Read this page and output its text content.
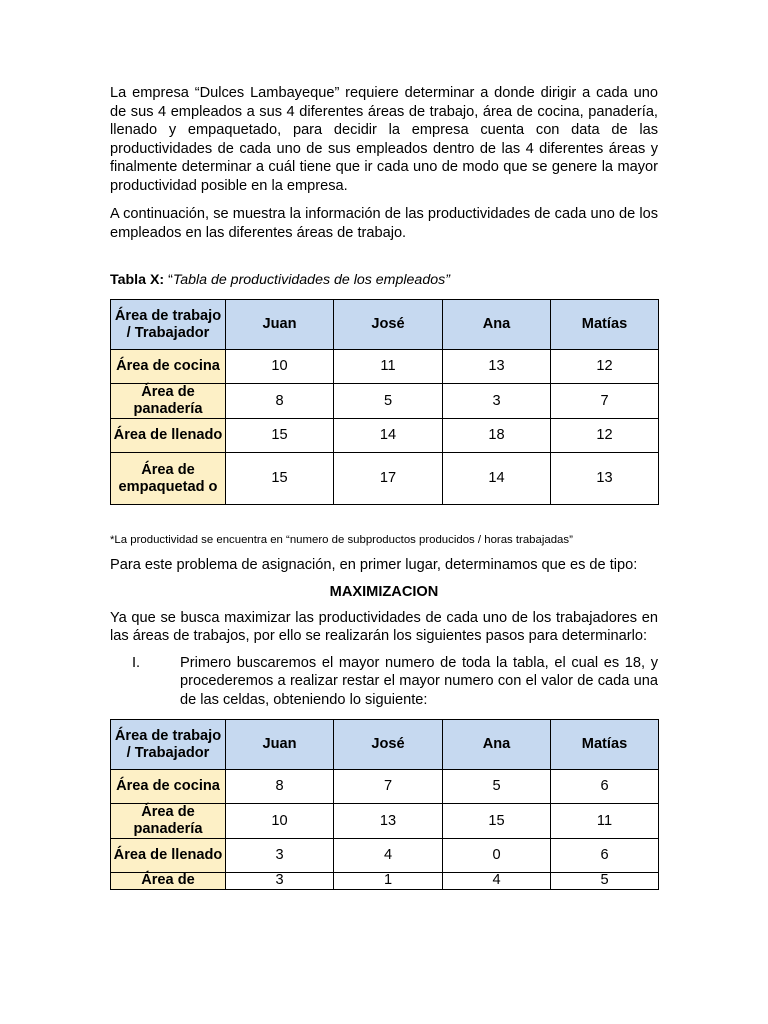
La empresa “Dulces Lambayeque” requiere determinar a donde dirigir a cada uno de sus 4 empleados a sus 4 diferentes áreas de trabajo, área de cocina, panadería, llenado y empaquetado, para decidir la empresa cuenta con data de las productividades de cada uno de sus empleados dentro de las 4 diferentes áreas y finalmente determinar a cuál tiene que ir cada uno de modo que se genere la mayor productividad posible en la empresa.

A continuación, se muestra la información de las productividades de cada uno de los empleados en las diferentes áreas de trabajo.

Tabla X: “Tabla de productividades de los empleados”
Área de trabajo / Trabajador	Juan	José	Ana	Matías
Área de cocina	10	11	13	12
Área de panadería	8	5	3	7
Área de llenado	15	14	18	12
Área de empaquetad o	15	17	14	13
*La productividad se encuentra en “numero de subproductos producidos / horas trabajadas”

Para este problema de asignación, en primer lugar, determinamos que es de tipo:

MAXIMIZACION

Ya que se busca maximizar las productividades de cada uno de los trabajadores en las áreas de trabajos, por ello se realizarán los siguientes pasos para determinarlo:

I.	Primero buscaremos el mayor numero de toda la tabla, el cual es 18, y procederemos a realizar restar el mayor numero con el valor de cada una de las celdas, obteniendo lo siguiente:

Área de trabajo / Trabajador	Juan	José	Ana	Matías
Área de cocina	8	7	5	6
Área de panadería	10	13	15	11
Área de llenado	3	4	0	6
Área de	3	1	4	5
